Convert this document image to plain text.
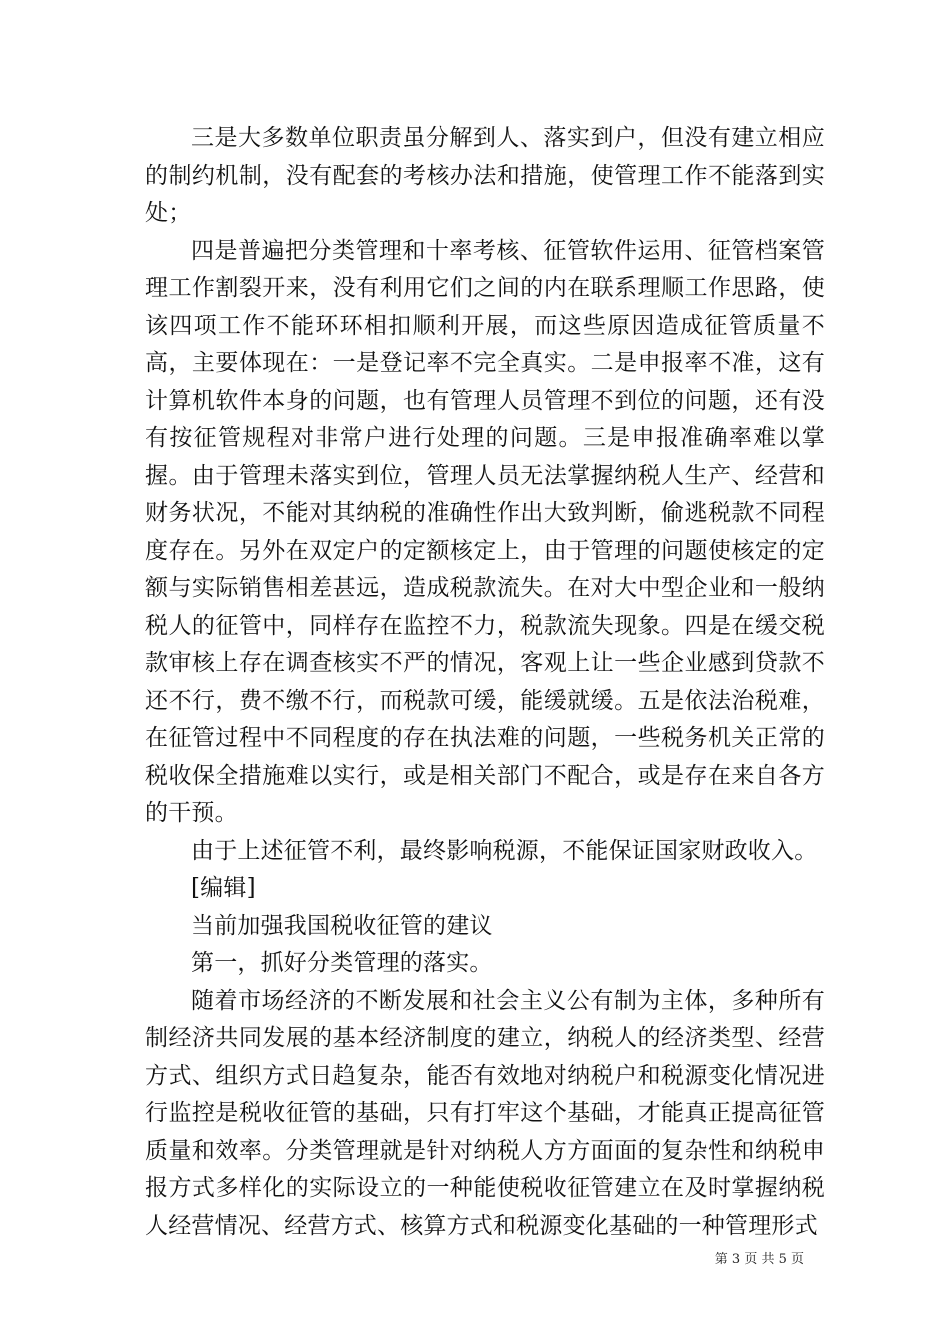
三是大多数单位职责虽分解到人、落实到户，但没有建立相应的制约机制，没有配套的考核办法和措施，使管理工作不能落到实处；

四是普遍把分类管理和十率考核、征管软件运用、征管档案管理工作割裂开来，没有利用它们之间的内在联系理顺工作思路，使该四项工作不能环环相扣顺利开展，而这些原因造成征管质量不高，主要体现在：一是登记率不完全真实。二是申报率不准，这有计算机软件本身的问题，也有管理人员管理不到位的问题，还有没有按征管规程对非常户进行处理的问题。三是申报准确率难以掌握。由于管理未落实到位，管理人员无法掌握纳税人生产、经营和财务状况，不能对其纳税的准确性作出大致判断，偷逃税款不同程度存在。另外在双定户的定额核定上，由于管理的问题使核定的定额与实际销售相差甚远，造成税款流失。在对大中型企业和一般纳税人的征管中，同样存在监控不力，税款流失现象。四是在缓交税款审核上存在调查核实不严的情况，客观上让一些企业感到贷款不还不行，费不缴不行，而税款可缓，能缓就缓。五是依法治税难，在征管过程中不同程度的存在执法难的问题，一些税务机关正常的税收保全措施难以实行，或是相关部门不配合，或是存在来自各方的干预。

由于上述征管不利，最终影响税源，不能保证国家财政收入。

[编辑]

当前加强我国税收征管的建议

第一，抓好分类管理的落实。

随着市场经济的不断发展和社会主义公有制为主体，多种所有制经济共同发展的基本经济制度的建立，纳税人的经济类型、经营方式、组织方式日趋复杂，能否有效地对纳税户和税源变化情况进行监控是税收征管的基础，只有打牢这个基础，才能真正提高征管质量和效率。分类管理就是针对纳税人方方面面的复杂性和纳税申报方式多样化的实际设立的一种能使税收征管建立在及时掌握纳税人经营情况、经营方式、核算方式和税源变化基础的一种管理形式

第 3 页 共 5 页
